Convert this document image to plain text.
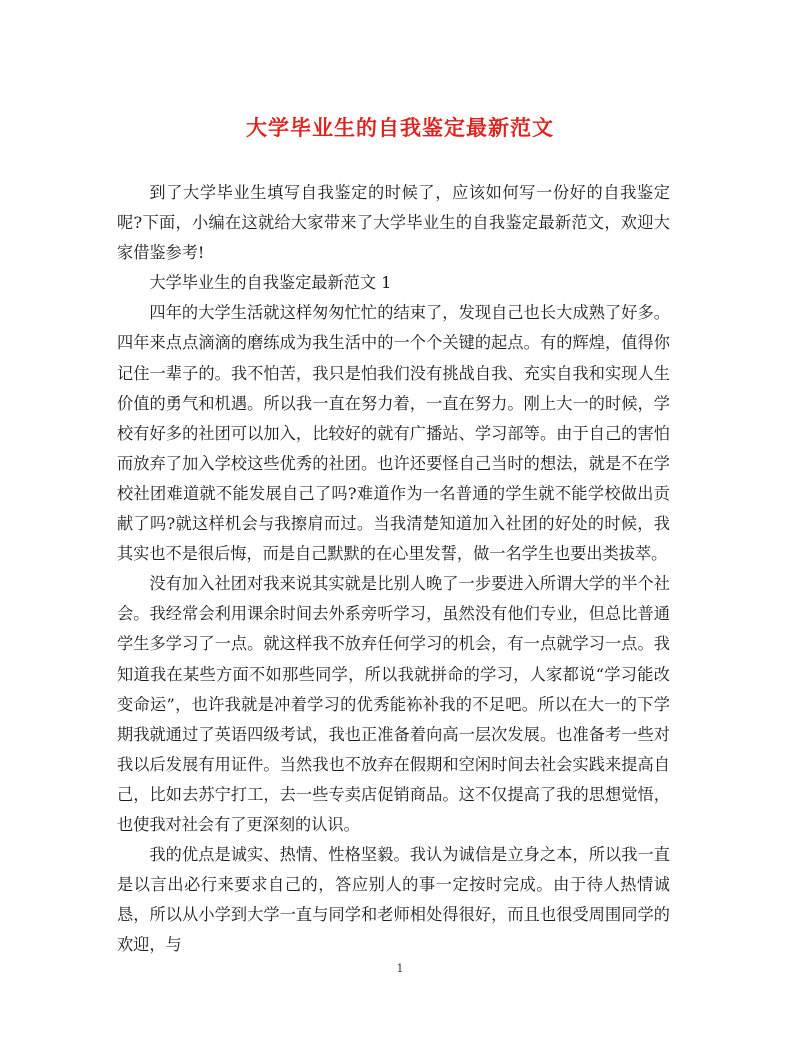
大学毕业生的自我鉴定最新范文

到了大学毕业生填写自我鉴定的时候了，应该如何写一份好的自我鉴定呢?下面，小编在这就给大家带来了大学毕业生的自我鉴定最新范文，欢迎大家借鉴参考!

大学毕业生的自我鉴定最新范文 1

四年的大学生活就这样匆匆忙忙的结束了，发现自己也长大成熟了好多。四年来点点滴滴的磨练成为我生活中的一个个关键的起点。有的辉煌，值得你记住一辈子的。我不怕苦，我只是怕我们没有挑战自我、充实自我和实现人生价值的勇气和机遇。所以我一直在努力着，一直在努力。刚上大一的时候，学校有好多的社团可以加入，比较好的就有广播站、学习部等。由于自己的害怕而放弃了加入学校这些优秀的社团。也许还要怪自己当时的想法，就是不在学校社团难道就不能发展自己了吗?难道作为一名普通的学生就不能学校做出贡献了吗?就这样机会与我擦肩而过。当我清楚知道加入社团的好处的时候，我其实也不是很后悔，而是自己默默的在心里发誓，做一名学生也要出类拔萃。

没有加入社团对我来说其实就是比别人晚了一步要进入所谓大学的半个社会。我经常会利用课余时间去外系旁听学习，虽然没有他们专业，但总比普通学生多学习了一点。就这样我不放弃任何学习的机会，有一点就学习一点。我知道我在某些方面不如那些同学，所以我就拼命的学习，人家都说“学习能改变命运”，也许我就是冲着学习的优秀能袮补我的不足吧。所以在大一的下学期我就通过了英语四级考试，我也正准备着向高一层次发展。也准备考一些对我以后发展有用证件。当然我也不放弃在假期和空闲时间去社会实践来提高自己，比如去苏宁打工，去一些专卖店促销商品。这不仅提高了我的思想觉悟，也使我对社会有了更深刻的认识。

我的优点是诚实、热情、性格坚毅。我认为诚信是立身之本，所以我一直是以言出必行来要求自己的，答应别人的事一定按时完成。由于待人热情诚恳，所以从小学到大学一直与同学和老师相处得很好，而且也很受周围同学的欢迎，与

1
